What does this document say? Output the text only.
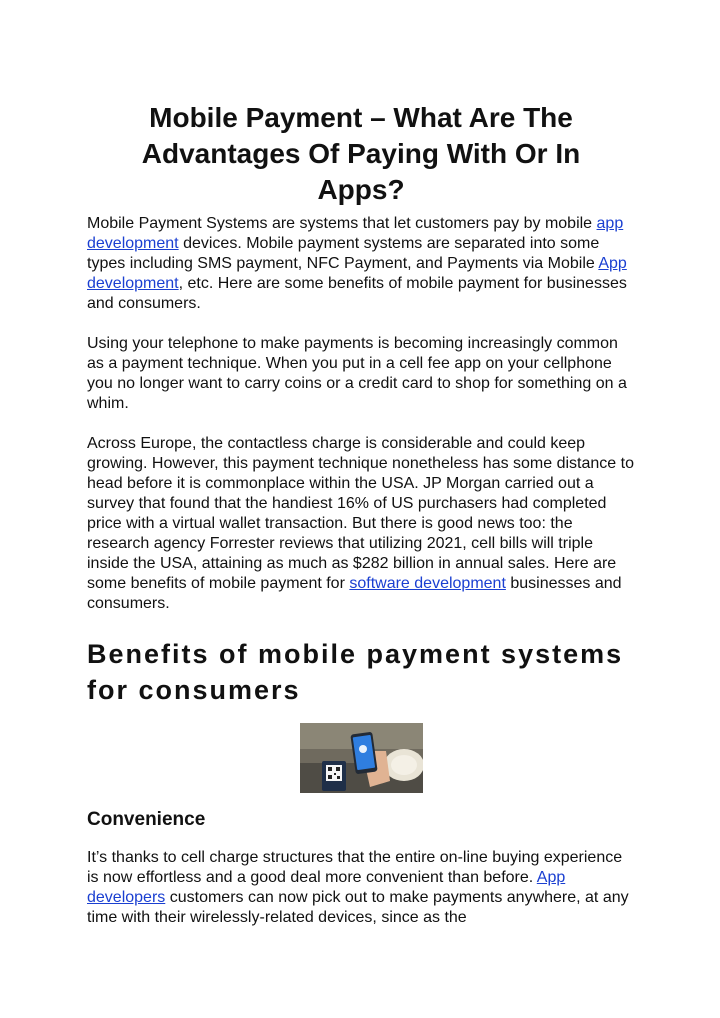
Mobile Payment – What Are The Advantages Of Paying With Or In Apps?

Mobile Payment Systems are systems that let customers pay by mobile app development devices. Mobile payment systems are separated into some types including SMS payment, NFC Payment, and Payments via Mobile App development, etc. Here are some benefits of mobile payment for businesses and consumers.

Using your telephone to make payments is becoming increasingly common as a payment technique. When you put in a cell fee app on your cellphone you no longer want to carry coins or a credit card to shop for something on a whim.

Across Europe, the contactless charge is considerable and could keep growing. However, this payment technique nonetheless has some distance to head before it is commonplace within the USA. JP Morgan carried out a survey that found that the handiest 16% of US purchasers had completed price with a virtual wallet transaction. But there is good news too: the research agency Forrester reviews that utilizing 2021, cell bills will triple inside the USA, attaining as much as $282 billion in annual sales. Here are some benefits of mobile payment for software development businesses and consumers.

Benefits of mobile payment systems for consumers
Convenience

It’s thanks to cell charge structures that the entire on-line buying experience is now effortless and a good deal more convenient than before. App developers customers can now pick out to make payments anywhere, at any time with their wirelessly-related devices, since as the
